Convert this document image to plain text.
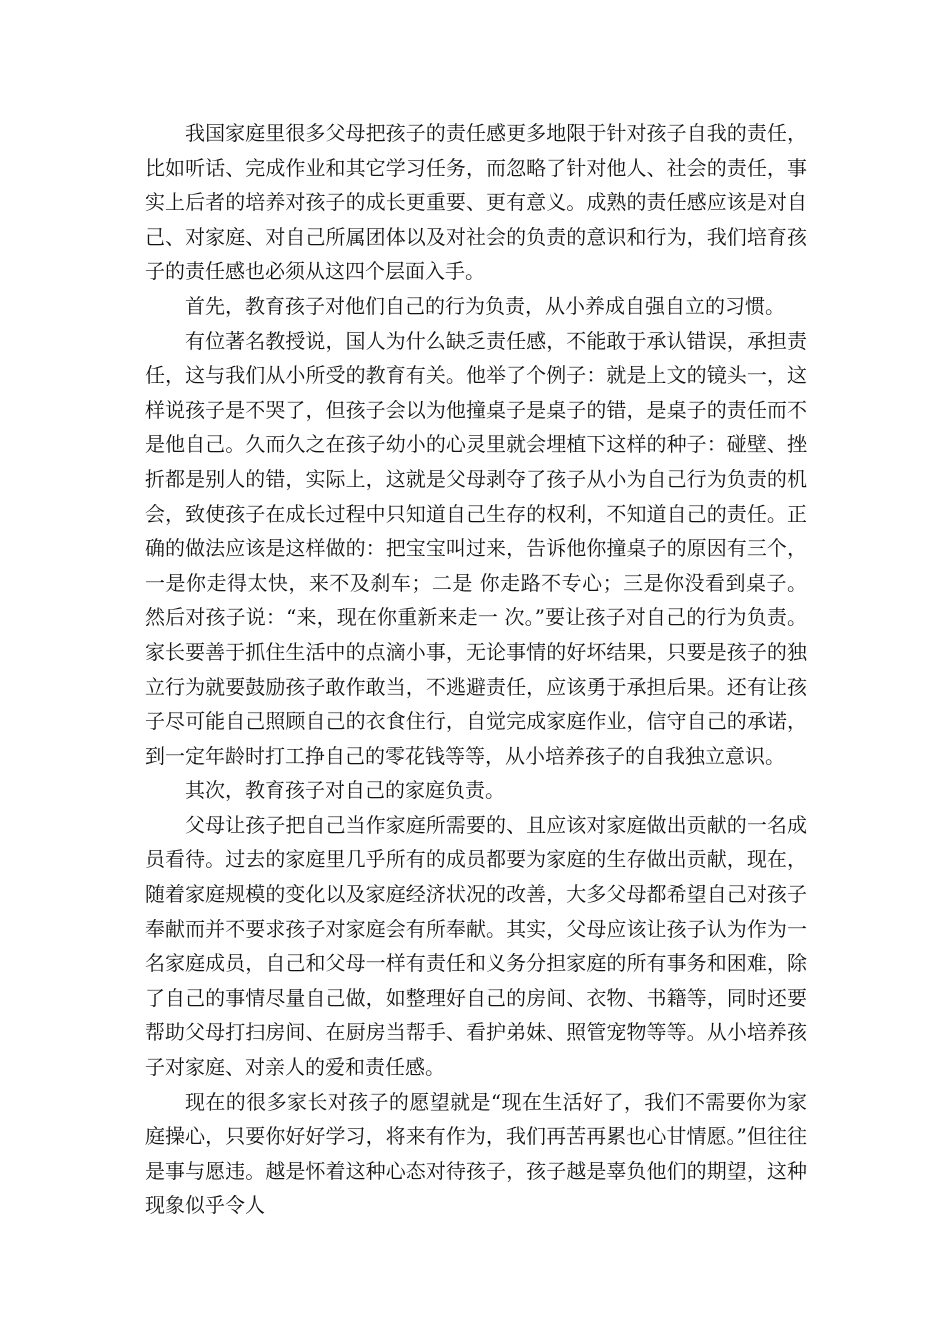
我国家庭里很多父母把孩子的责任感更多地限于针对孩子自我的责任，比如听话、完成作业和其它学习任务，而忽略了针对他人、社会的责任，事实上后者的培养对孩子的成长更重要、更有意义。成熟的责任感应该是对自己、对家庭、对自己所属团体以及对社会的负责的意识和行为，我们培育孩子的责任感也必须从这四个层面入手。

首先，教育孩子对他们自己的行为负责，从小养成自强自立的习惯。

有位著名教授说，国人为什么缺乏责任感，不能敢于承认错误，承担责任，这与我们从小所受的教育有关。他举了个例子：就是上文的镜头一，这样说孩子是不哭了，但孩子会以为他撞桌子是桌子的错，是桌子的责任而不是他自己。久而久之在孩子幼小的心灵里就会埋植下这样的种子：碰壁、挫折都是别人的错，实际上，这就是父母剥夺了孩子从小为自己行为负责的机会，致使孩子在成长过程中只知道自己生存的权利，不知道自己的责任。正确的做法应该是这样做的：把宝宝叫过来，告诉他你撞桌子的原因有三个，一是你走得太快，来不及刹车；二是 你走路不专心；三是你没看到桌子。然后对孩子说：“来，现在你重新来走一 次。”要让孩子对自己的行为负责。家长要善于抓住生活中的点滴小事，无论事情的好坏结果，只要是孩子的独立行为就要鼓励孩子敢作敢当，不逃避责任，应该勇于承担后果。还有让孩子尽可能自己照顾自己的衣食住行，自觉完成家庭作业，信守自己的承诺，到一定年龄时打工挣自己的零花钱等等，从小培养孩子的自我独立意识。

其次，教育孩子对自己的家庭负责。

父母让孩子把自己当作家庭所需要的、且应该对家庭做出贡献的一名成员看待。过去的家庭里几乎所有的成员都要为家庭的生存做出贡献，现在，随着家庭规模的变化以及家庭经济状况的改善，大多父母都希望自己对孩子奉献而并不要求孩子对家庭会有所奉献。其实，父母应该让孩子认为作为一名家庭成员，自己和父母一样有责任和义务分担家庭的所有事务和困难，除了自己的事情尽量自己做，如整理好自己的房间、衣物、书籍等，同时还要帮助父母打扫房间、在厨房当帮手、看护弟妹、照管宠物等等。从小培养孩子对家庭、对亲人的爱和责任感。

现在的很多家长对孩子的愿望就是“现在生活好了，我们不需要你为家庭操心，只要你好好学习，将来有作为，我们再苦再累也心甘情愿。”但往往是事与愿违。越是怀着这种心态对待孩子，孩子越是辜负他们的期望，这种现象似乎令人
